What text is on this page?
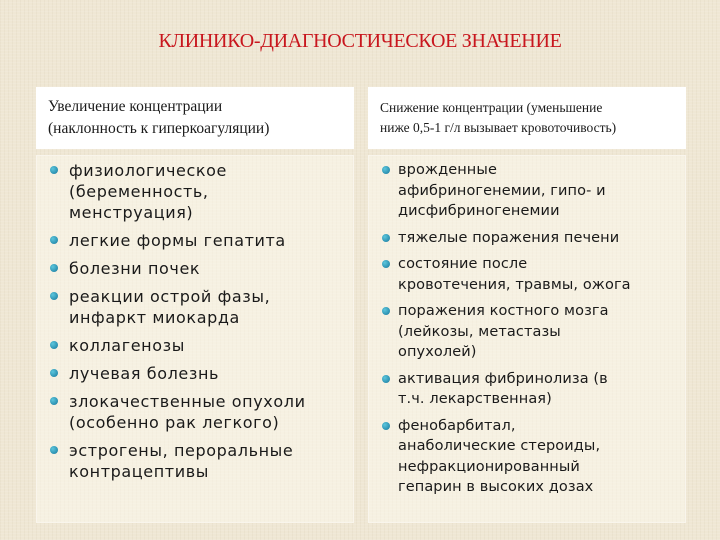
КЛИНИКО-ДИАГНОСТИЧЕСКОЕ ЗНАЧЕНИЕ
Увеличение концентрации
(наклонность к гиперкоагуляции)
Снижение концентрации (уменьшение
ниже 0,5-1 г/л вызывает кровоточивость)
физиологическое
(беременность,
менструация)
легкие формы гепатита
болезни почек
реакции острой фазы,
инфаркт миокарда
коллагенозы
лучевая болезнь
злокачественные опухоли
(особенно рак легкого)
эстрогены, пероральные
контрацептивы
врожденные
афибриногенемии, гипо- и
дисфибриногенемии
тяжелые поражения печени
состояние после
кровотечения, травмы, ожога
поражения костного мозга
(лейкозы, метастазы
опухолей)
активация фибринолиза (в
т.ч. лекарственная)
фенобарбитал,
анаболические стероиды,
нефракционированный
гепарин в высоких дозах
